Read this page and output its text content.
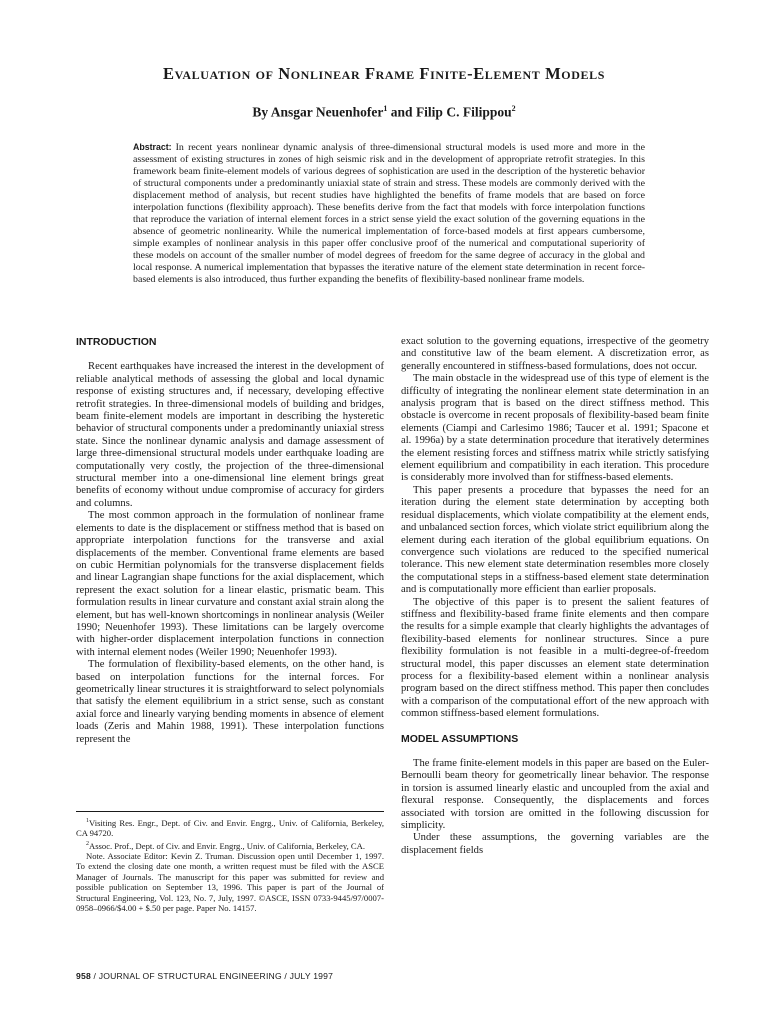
Evaluation of Nonlinear Frame Finite-Element Models

By Ansgar Neuenhofer$^1$ and Filip C. Filippou$^2$

Abstract: In recent years nonlinear dynamic analysis of three-dimensional structural models is used more and more in the assessment of existing structures in zones of high seismic risk and in the development of appropriate retrofit strategies. In this framework beam finite-element models of various degrees of sophistication are used in the description of the hysteretic behavior of structural components under a predominantly uniaxial state of strain and stress. These models are commonly derived with the displacement method of analysis, but recent studies have highlighted the benefits of frame models that are based on force interpolation functions (flexibility approach). These benefits derive from the fact that models with force interpolation functions that reproduce the variation of internal element forces in a strict sense yield the exact solution of the governing equations in the absence of geometric nonlinearity. While the numerical implementation of force-based models at first appears cumbersome, simple examples of nonlinear analysis in this paper offer conclusive proof of the numerical and computational superiority of these models on account of the smaller number of model degrees of freedom for the same degree of accuracy in the global and local response. A numerical implementation that bypasses the iterative nature of the element state determination in recent force-based elements is also introduced, thus further expanding the benefits of flexibility-based nonlinear frame models.

INTRODUCTION

Recent earthquakes have increased the interest in the development of reliable analytical methods of assessing the global and local dynamic response of existing structures and, if necessary, developing effective retrofit strategies. In three-dimensional models of building and bridges, beam finite-element models are important in describing the hysteretic behavior of structural components under a predominantly uniaxial stress state. Since the nonlinear dynamic analysis and damage assessment of large three-dimensional structural models under earthquake loading are computationally very costly, the projection of the three-dimensional structural member into a one-dimensional line element brings great benefits of economy without undue compromise of accuracy for girders and columns.

The most common approach in the formulation of nonlinear frame elements to date is the displacement or stiffness method that is based on appropriate interpolation functions for the transverse and axial displacements of the member. Conventional frame elements are based on cubic Hermitian polynomials for the transverse displacement fields and linear Lagrangian shape functions for the axial displacement, which represent the exact solution for a linear elastic, prismatic beam. This formulation results in linear curvature and constant axial strain along the element, but has well-known shortcomings in nonlinear analysis (Weiler 1990; Neuenhofer 1993). These limitations can be largely overcome with higher-order displacement interpolation functions in connection with internal element nodes (Weiler 1990; Neuenhofer 1993).

The formulation of flexibility-based elements, on the other hand, is based on interpolation functions for the internal forces. For geometrically linear structures it is straightforward to select polynomials that satisfy the element equilibrium in a strict sense, such as constant axial force and linearly varying bending moments in absence of element loads (Zeris and Mahin 1988, 1991). These interpolation functions represent the

$^1$Visiting Res. Engr., Dept. of Civ. and Envir. Engrg., Univ. of California, Berkeley, CA 94720.

$^2$Assoc. Prof., Dept. of Civ. and Envir. Engrg., Univ. of California, Berkeley, CA.

Note. Associate Editor: Kevin Z. Truman. Discussion open until December 1, 1997. To extend the closing date one month, a written request must be filed with the ASCE Manager of Journals. The manuscript for this paper was submitted for review and possible publication on September 13, 1996. This paper is part of the Journal of Structural Engineering, Vol. 123, No. 7, July, 1997. ©ASCE, ISSN 0733-9445/97/0007-0958–0966/$4.00 + $.50 per page. Paper No. 14157.

exact solution to the governing equations, irrespective of the geometry and constitutive law of the beam element. A discretization error, as generally encountered in stiffness-based formulations, does not occur.

The main obstacle in the widespread use of this type of element is the difficulty of integrating the nonlinear element state determination in an analysis program that is based on the direct stiffness method. This obstacle is overcome in recent proposals of flexibility-based beam finite elements (Ciampi and Carlesimo 1986; Taucer et al. 1991; Spacone et al. 1996a) by a state determination procedure that iteratively determines the element resisting forces and stiffness matrix while strictly satisfying element equilibrium and compatibility in each iteration. This procedure is considerably more involved than for stiffness-based elements.

This paper presents a procedure that bypasses the need for an iteration during the element state determination by accepting both residual displacements, which violate compatibility at the element ends, and unbalanced section forces, which violate strict equilibrium along the element during each iteration of the global equilibrium equations. On convergence such violations are reduced to the specified numerical tolerance. This new element state determination resembles more closely the computational steps in a stiffness-based element state determination and is computationally more efficient than earlier proposals.

The objective of this paper is to present the salient features of stiffness and flexibility-based frame finite elements and then compare the results for a simple example that clearly highlights the advantages of flexibility-based elements for nonlinear structures. Since a pure flexibility formulation is not feasible in a multi-degree-of-freedom structural model, this paper discusses an element state determination process for a flexibility-based element within a nonlinear analysis program based on the direct stiffness method. This paper then concludes with a comparison of the computational effort of the new approach with common stiffness-based element formulations.

MODEL ASSUMPTIONS

The frame finite-element models in this paper are based on the Euler-Bernoulli beam theory for geometrically linear behavior. The response in torsion is assumed linearly elastic and uncoupled from the axial and flexural response. Consequently, the displacements and forces associated with torsion are omitted in the following discussion for simplicity.

Under these assumptions, the governing variables are the displacement fields

958 / JOURNAL OF STRUCTURAL ENGINEERING / JULY 1997
